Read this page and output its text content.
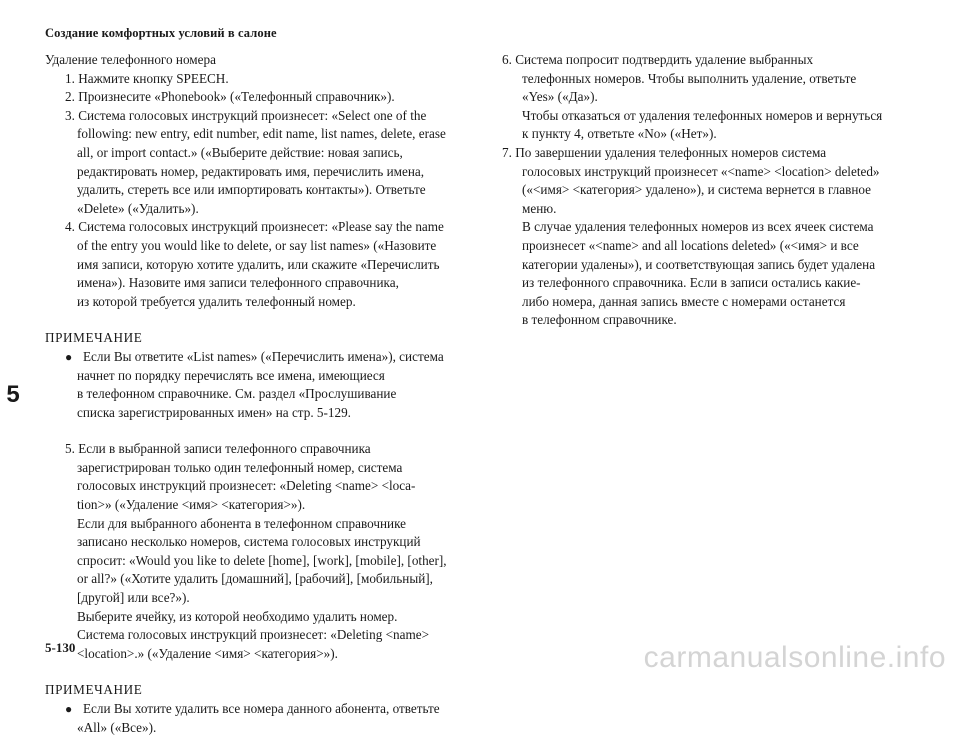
Создание комфортных условий в салоне

Удаление телефонного номера

1. Нажмите кнопку SPEECH.

2. Произнесите «Phonebook» («Телефонный справочник»).

3. Система голосовых инструкций произнесет: «Select one of the

following: new entry, edit number, edit name, list names, delete, erase

all, or import contact.» («Выберите действие: новая запись,

редактировать номер, редактировать имя, перечислить имена,

удалить, стереть все или импортировать контакты»). Ответьте

«Delete» («Удалить»).

4. Система голосовых инструкций произнесет: «Please say the name

of the entry you would like to delete, or say list names» («Назовите

имя записи, которую хотите удалить, или скажите «Перечислить

имена»). Назовите имя записи телефонного справочника,

из которой требуется удалить телефонный номер.

ПРИМЕЧАНИЕ

● Если Вы ответите «List names» («Перечислить имена»), система

начнет по порядку перечислять все имена, имеющиеся

в телефонном справочнике. См. раздел «Прослушивание

списка зарегистрированных имен» на стр. 5-129.

5. Если в выбранной записи телефонного справочника

зарегистрирован только один телефонный номер, система

голосовых инструкций произнесет: «Deleting <name> <loca-

tion>» («Удаление <имя> <категория>»).

Если для выбранного абонента в телефонном справочнике

записано несколько номеров, система голосовых инструкций

спросит: «Would you like to delete [home], [work], [mobile], [other],

or all?» («Хотите удалить [домашний], [рабочий], [мобильный],

[другой] или все?»).

Выберите ячейку, из которой необходимо удалить номер.

Система голосовых инструкций произнесет: «Deleting <name>

<location>.» («Удаление <имя> <категория>»).

ПРИМЕЧАНИЕ

● Если Вы хотите удалить все номера данного абонента, ответьте

«All» («Все»).

6. Система попросит подтвердить удаление выбранных

телефонных номеров. Чтобы выполнить удаление, ответьте

«Yes» («Да»).

Чтобы отказаться от удаления телефонных номеров и вернуться

к пункту 4, ответьте «No» («Нет»).

7. По завершении удаления телефонных номеров система

голосовых инструкций произнесет «<name> <location> deleted»

(«<имя> <категория> удалено»), и система вернется в главное

меню.

В случае удаления телефонных номеров из всех ячеек система

произнесет «<name> and all locations deleted» («<имя> и все

категории удалены»), и соответствующая запись будет удалена

из телефонного справочника. Если в записи остались какие-

либо номера, данная запись вместе с номерами останется

в телефонном справочнике.

5
5-130	carmanualsonline.info
